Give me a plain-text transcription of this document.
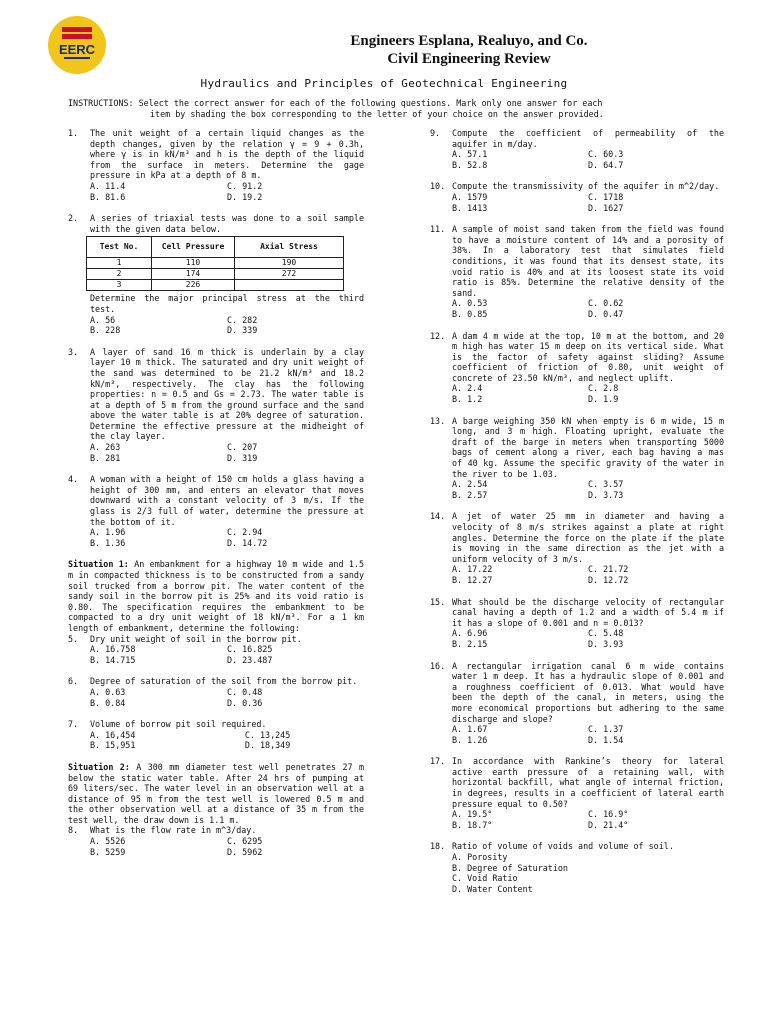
EERC
Engineers Esplana, Realuyo, and Co.
Civil Engineering Review
Hydraulics and Principles of Geotechnical Engineering
INSTRUCTIONS: Select the correct answer for each of the following questions. Mark only one answer for each
item by shading the box corresponding to the letter of your choice on the answer provided.
1.	The unit weight of a certain liquid changes as the depth changes, given by the relation γ = 9 + 0.3h, where γ is in kN/m³ and h is the depth of the liquid from the surface in meters. Determine the gage pressure in kPa at a depth of 8 m.
A. 11.4	C. 91.2
B. 81.6	D. 19.2
2.	A series of triaxial tests was done to a soil sample with the given data below.
Test No.	Cell Pressure	Axial Stress
1	110	190
2	174	272
3	226	
Determine the major principal stress at the third test.
A. 56	C. 282
B. 228	D. 339
3.	A layer of sand 16 m thick is underlain by a clay layer 10 m thick. The saturated and dry unit weight of the sand was determined to be 21.2 kN/m³ and 18.2 kN/m³, respectively. The clay has the following properties: n = 0.5 and Gs = 2.73. The water table is at a depth of 5 m from the ground surface and the sand above the water table is at 20% degree of saturation. Determine the effective pressure at the midheight of the clay layer.
A. 263	C. 207
B. 281	D. 319
4.	A woman with a height of 150 cm holds a glass having a height of 300 mm, and enters an elevator that moves downward with a constant velocity of 3 m/s. If the glass is 2/3 full of water, determine the pressure at the bottom of it.
A. 1.96	C. 2.94
B. 1.36	D. 14.72
Situation 1: An embankment for a highway 10 m wide and 1.5 m in compacted thickness is to be constructed from a sandy soil trucked from a borrow pit. The water content of the sandy soil in the borrow pit is 25% and its void ratio is 0.80. The specification requires the embankment to be compacted to a dry unit weight of 18 kN/m³. For a 1 km length of embankment, determine the following:
5.	Dry unit weight of soil in the borrow pit.
A. 16.758	C. 16.825
B. 14.715	D. 23.487
6.	Degree of saturation of the soil from the borrow pit.
A. 0.63	C. 0.48
B. 0.84	D. 0.36
7.	Volume of borrow pit soil required.
A. 16,454	C. 13,245
B. 15,951	D. 18,349
Situation 2: A 300 mm diameter test well penetrates 27 m below the static water table. After 24 hrs of pumping at 69 liters/sec. The water level in an observation well at a distance of 95 m from the test well is lowered 0.5 m and the other observation well at a distance of 35 m from the test well, the draw down is 1.1 m.
8.	What is the flow rate in m^3/day.
A. 5526	C. 6295
B. 5259	D. 5962
9.	Compute the coefficient of permeability of the aquifer in m/day.
A. 57.1	C. 60.3
B. 52.8	D. 64.7
10. Compute the transmissivity of the aquifer in m^2/day.
A. 1579	C. 1718
B. 1413	D. 1627
11. A sample of moist sand taken from the field was found to have a moisture content of 14% and a porosity of 38%. In a laboratory test that simulates field conditions, it was found that its densest state, its void ratio is 40% and at its loosest state its void ratio is 85%. Determine the relative density of the sand.
A. 0.53	C. 0.62
B. 0.85	D. 0.47
12. A dam 4 m wide at the top, 10 m at the bottom, and 20 m high has water 15 m deep on its vertical side. What is the factor of safety against sliding? Assume coefficient of friction of 0.80, unit weight of concrete of 23.50 kN/m³, and neglect uplift.
A. 2.4	C. 2.8
B. 1.2	D. 1.9
13. A barge weighing 350 kN when empty is 6 m wide, 15 m long, and 3 m high. Floating upright, evaluate the draft of the barge in meters when transporting 5000 bags of cement along a river, each bag having a mas of 40 kg. Assume the specific gravity of the water in the river to be 1.03.
A. 2.54	C. 3.57
B. 2.57	D. 3.73
14. A jet of water 25 mm in diameter and having a velocity of 8 m/s strikes against a plate at right angles. Determine the force on the plate if the plate is moving in the same direction as the jet with a uniform velocity of 3 m/s.
A. 17.22	C. 21.72
B. 12.27	D. 12.72
15. What should be the discharge velocity of rectangular canal having a depth of 1.2 and a width of 5.4 m if it has a slope of 0.001 and n = 0.013?
A. 6.96	C. 5.48
B. 2.15	D. 3.93
16. A rectangular irrigation canal 6 m wide contains water 1 m deep. It has a hydraulic slope of 0.001 and a roughness coefficient of 0.013. What would have been the depth of the canal, in meters, using the more economical proportions but adhering to the same discharge and slope?
A. 1.67	C. 1.37
B. 1.26	D. 1.54
17. In accordance with Rankine’s theory for lateral active earth pressure of a retaining wall, with horizontal backfill, what angle of internal friction, in degrees, results in a coefficient of lateral earth pressure equal to 0.50?
A. 19.5°	C. 16.9°
B. 18.7°	D. 21.4°
18. Ratio of volume of voids and volume of soil.
A. Porosity
B. Degree of Saturation
C. Void Ratio
D. Water Content
